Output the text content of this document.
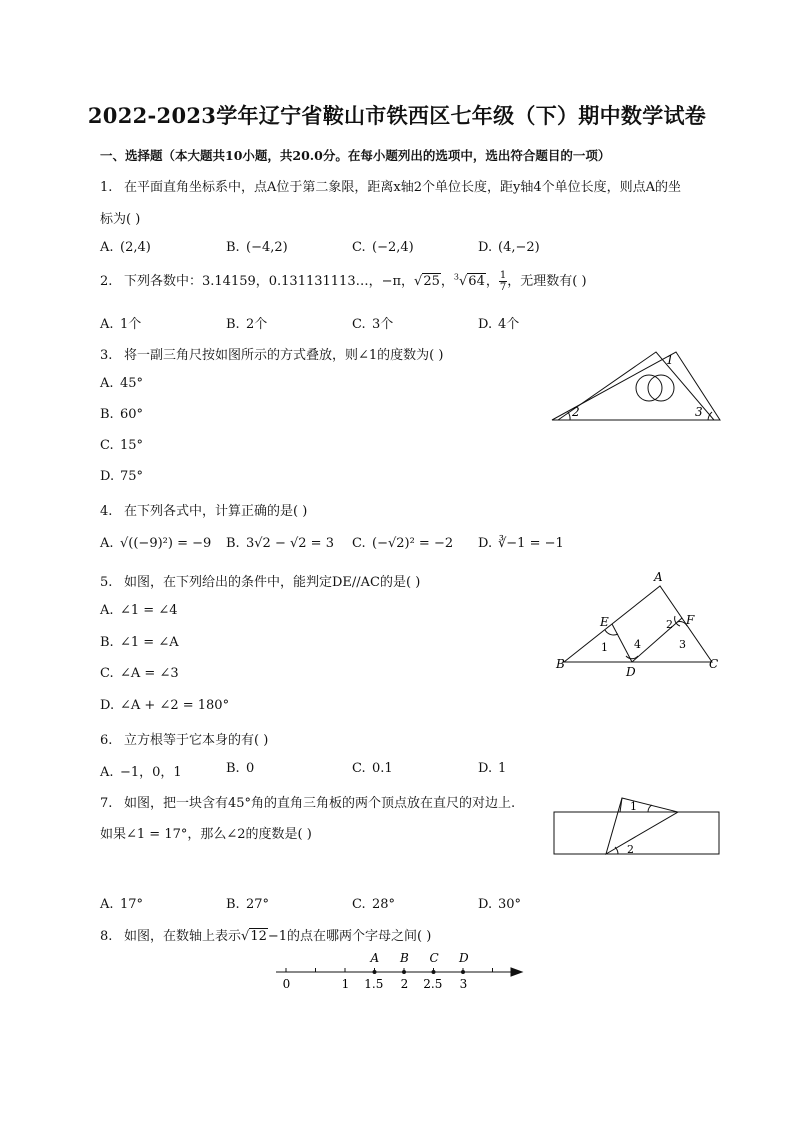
2022-2023学年辽宁省鞍山市铁西区七年级（下）期中数学试卷
一、选择题（本大题共10小题，共20.0分。在每小题列出的选项中，选出符合题目的一项）
1. 在平面直角坐标系中，点A位于第二象限，距离x轴2个单位长度，距y轴4个单位长度，则点A的坐
标为( )
A. (2,4)	B. (−4,2)	C. (−2,4)	D. (4,−2)
2. 下列各数中：3.14159，0.131131113…，−π，√25，$^3$√64， $\frac{1}{7}$ ，无理数有( )
A. 1个	B. 2个	C. 3个	D. 4个
3. 将一副三角尺按如图所示的方式叠放，则∠1的度数为( )
A. 45°
B. 60°
C. 15°
D. 75°
1
2	3
4. 在下列各式中，计算正确的是( )
A. √((−9)²) = −9 B. 3√2 − √2 = 3 C. (−√2)² = −2 D. ∛−1 = −1
5. 如图，在下列给出的条件中，能判定DE//AC的是( )
A. ∠1 = ∠4
B. ∠1 = ∠A
C. ∠A = ∠3
D. ∠A + ∠2 = 180°
A
E	F
B
D
C
1
2
3
4
6. 立方根等于它本身的有( )
A. −1，0，1	B. 0	C. 0.1	D. 1
7. 如图，把一块含有45°角的直角三角板的两个顶点放在直尺的对边上.
如果∠1 = 17°，那么∠2的度数是( )
A. 17°	B. 27°	C. 28°	D. 30°
1
2
8. 如图，在数轴上表示√12−1的点在哪两个字母之间( )
A B C D
0	1 1.5 2 2.5 3
